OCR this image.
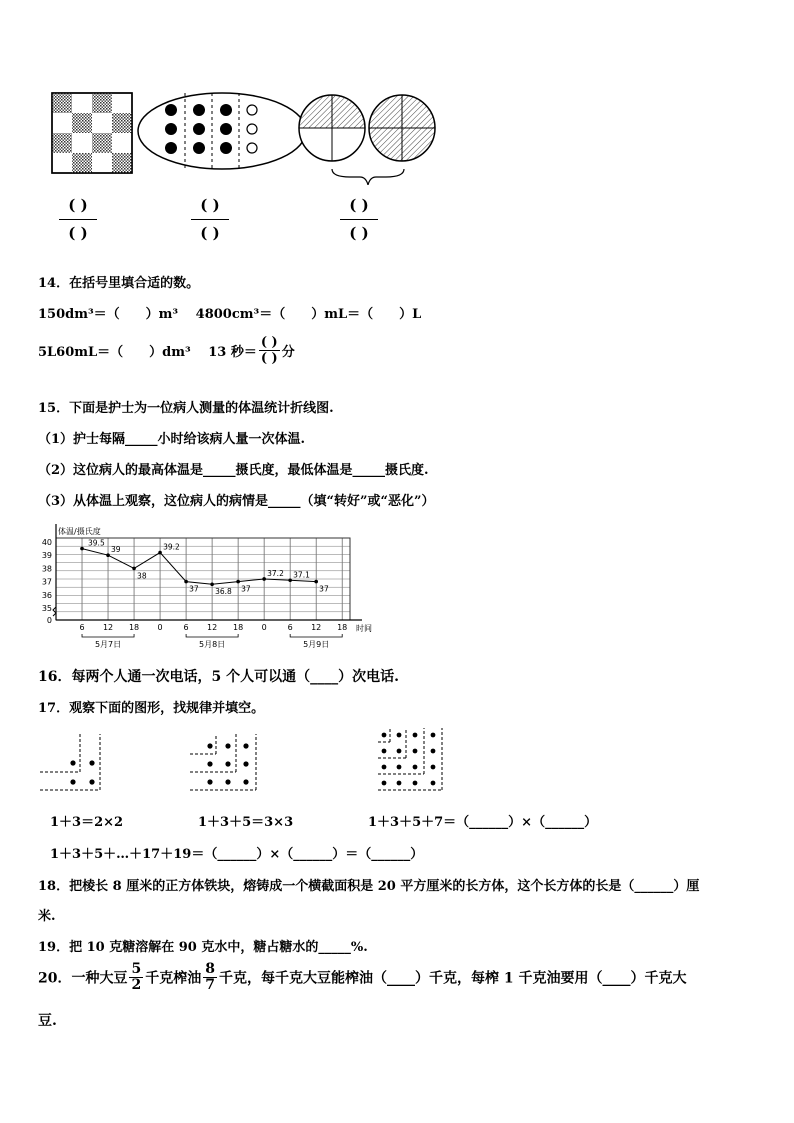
( )
( )
( )
( )
( )
( )
14．在括号里填合适的数。
150dm³＝（　　）m³　 4800cm³＝（　　）mL＝（　　）L
5L60mL＝（　　）dm³　 13 秒＝
( )
( ) 分
15．下面是护士为一位病人测量的体温统计折线图.
（1）护士每隔_____小时给该病人量一次体温.
（2）这位病人的最高体温是_____摄氏度，最低体温是_____摄氏度.
（3）从体温上观察，这位病人的病情是_____（填“转好”或“恶化”）
40
39
38
37
36
35
0
体温/摄氏度
6 12 18 0	6 12 18 0	6 12 18 时间
5月7日	5月8日	5月9日
39.5
39
38
39.2
37 36.8 37
37.2 37.1
37
16．每两个人通一次电话，5 个人可以通（____）次电话.
17．观察下面的图形，找规律并填空。
1＋3＝2×2	1＋3＋5＝3×3	1＋3＋5＋7＝（______）×（______）
1＋3＋5＋…＋17＋19＝（______）×（______）＝（______）
18．把棱长 8 厘米的正方体铁块，熔铸成一个横截面积是 20 平方厘米的长方体，这个长方体的长是（______）厘
米.
19．把 10 克糖溶解在 90 克水中，糖占糖水的_____%.
20．一种大豆 $\frac{5}{2}$ 千克榨油 $\frac{8}{7}$ 千克，每千克大豆能榨油（____）千克，每榨 1 千克油要用（____）千克大
豆.
